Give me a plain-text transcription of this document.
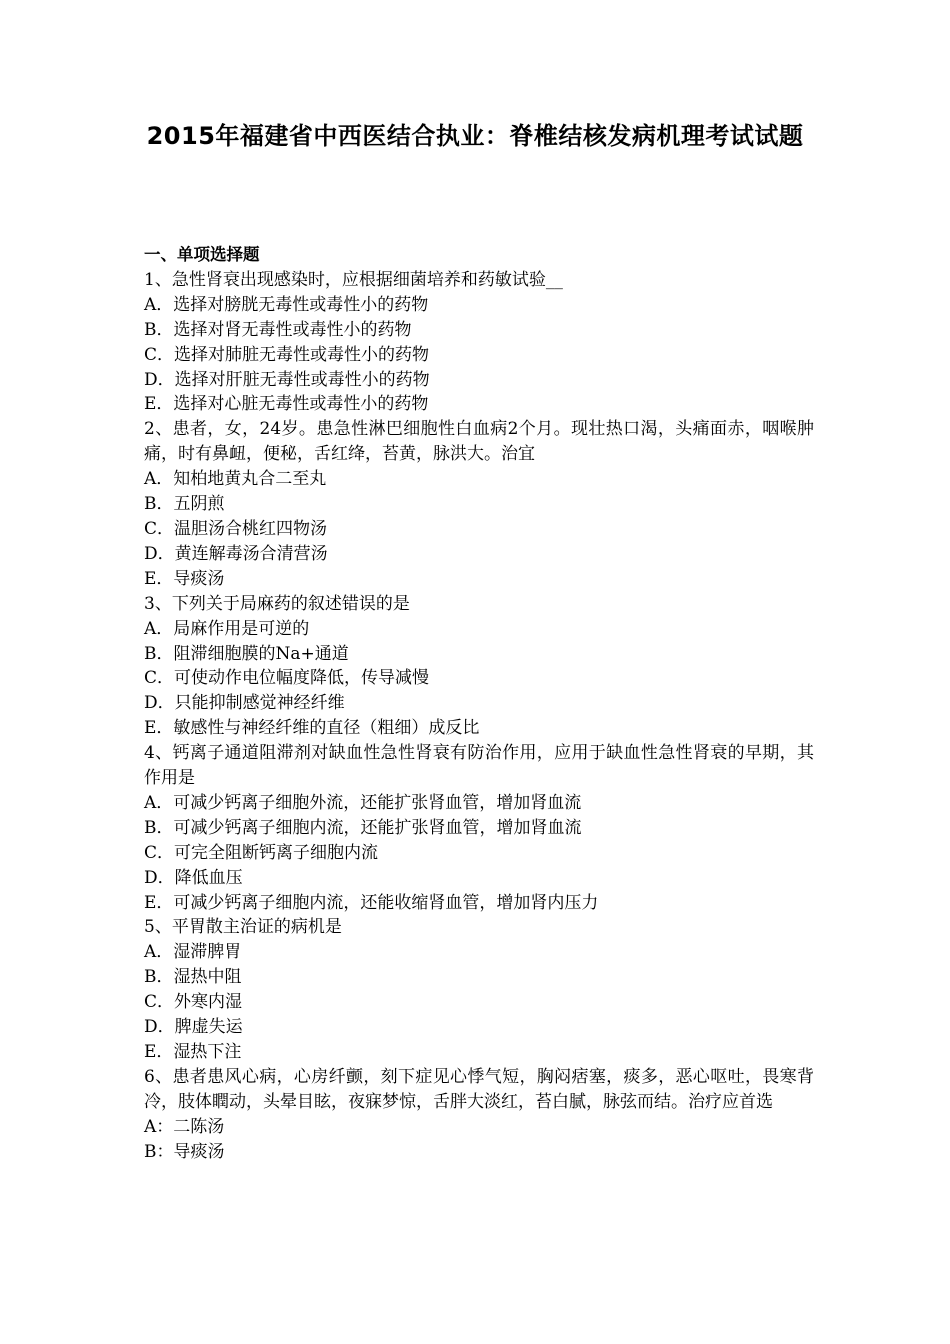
2015年福建省中西医结合执业：脊椎结核发病机理考试试题
一、单项选择题
1、急性肾衰出现感染时，应根据细菌培养和药敏试验__
A．选择对膀胱无毒性或毒性小的药物
B．选择对肾无毒性或毒性小的药物
C．选择对肺脏无毒性或毒性小的药物
D．选择对肝脏无毒性或毒性小的药物
E．选择对心脏无毒性或毒性小的药物
2、患者，女，24岁。患急性淋巴细胞性白血病2个月。现壮热口渴，头痛面赤，咽喉肿痛，时有鼻衄，便秘，舌红绛，苔黄，脉洪大。治宜
A．知柏地黄丸合二至丸
B．五阴煎
C．温胆汤合桃红四物汤
D．黄连解毒汤合清营汤
E．导痰汤
3、下列关于局麻药的叙述错误的是
A．局麻作用是可逆的
B．阻滞细胞膜的Na+通道
C．可使动作电位幅度降低，传导减慢
D．只能抑制感觉神经纤维
E．敏感性与神经纤维的直径（粗细）成反比
4、钙离子通道阻滞剂对缺血性急性肾衰有防治作用，应用于缺血性急性肾衰的早期，其作用是
A．可减少钙离子细胞外流，还能扩张肾血管，增加肾血流
B．可减少钙离子细胞内流，还能扩张肾血管，增加肾血流
C．可完全阻断钙离子细胞内流
D．降低血压
E．可减少钙离子细胞内流，还能收缩肾血管，增加肾内压力
5、平胃散主治证的病机是
A．湿滞脾胃
B．湿热中阻
C．外寒内湿
D．脾虚失运
E．湿热下注
6、患者患风心病，心房纤颤，刻下症见心悸气短，胸闷痞塞，痰多，恶心呕吐，畏寒背冷，肢体瞤动，头晕目眩，夜寐梦惊，舌胖大淡红，苔白腻，脉弦而结。治疗应首选
A：二陈汤
B：导痰汤
